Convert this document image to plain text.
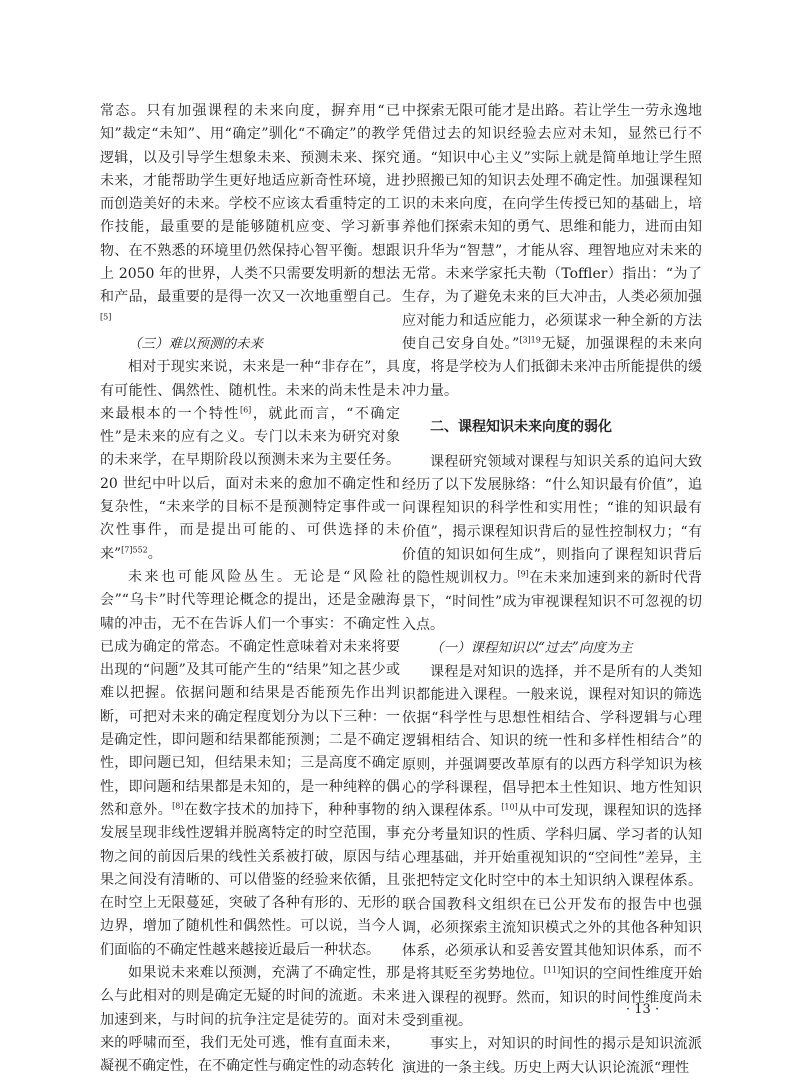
常态。只有加强课程的未来向度，摒弃用“已知”裁定“未知”、用“确定”驯化“不确定”的教学逻辑，以及引导学生想象未来、预测未来、探究未来，才能帮助学生更好地适应新奇性环境，进而创造美好的未来。学校不应该太看重特定的工作技能，最重要的是能够随机应变、学习新事物、在不熟悉的环境里仍然保持心智平衡。想跟上 2050 年的世界，人类不只需要发明新的想法和产品，最重要的是得一次又一次地重塑自己。[5]

（三）难以预测的未来

相对于现实来说，未来是一种“非存在”，具有可能性、偶然性、随机性。未来的尚未性是未来最根本的一个特性[6]，就此而言，“不确定性”是未来的应有之义。专门以未来为研究对象的未来学，在早期阶段以预测未来为主要任务。20 世纪中叶以后，面对未来的愈加不确定性和复杂性，“未来学的目标不是预测特定事件或一次性事件，而是提出可能的、可供选择的未来”$^{[7]552}$。

未来也可能风险丛生。无论是“风险社会”“乌卡”时代等理论概念的提出，还是金融海啸的冲击，无不在告诉人们一个事实：不确定性已成为确定的常态。不确定性意味着对未来将要出现的“问题”及其可能产生的“结果”知之甚少或难以把握。依据问题和结果是否能预先作出判断，可把对未来的确定程度划分为以下三种：一是确定性，即问题和结果都能预测；二是不确定性，即问题已知，但结果未知；三是高度不确定性，即问题和结果都是未知的，是一种纯粹的偶然和意外。[8]在数字技术的加持下，种种事物的发展呈现非线性逻辑并脱离特定的时空范围，事物之间的前因后果的线性关系被打破，原因与结果之间没有清晰的、可以借鉴的经验来依循，且在时空上无限蔓延，突破了各种有形的、无形的边界，增加了随机性和偶然性。可以说，当今人们面临的不确定性越来越接近最后一种状态。

如果说未来难以预测，充满了不确定性，那么与此相对的则是确定无疑的时间的流逝。未来加速到来，与时间的抗争注定是徒劳的。面对未来的呼啸而至，我们无处可逃，惟有直面未来，凝视不确定性，在不确定性与确定性的动态转化

中探索无限可能才是出路。若让学生一劳永逸地凭借过去的知识经验去应对未知，显然已行不通。“知识中心主义”实际上就是简单地让学生照抄照搬已知的知识去处理不确定性。加强课程知识的未来向度，在向学生传授已知的基础上，培养他们探索未知的勇气、思维和能力，进而由知识升华为“智慧”，才能从容、理智地应对未来的无常。未来学家托夫勒（Toffler）指出：“为了生存，为了避免未来的巨大冲击，人类必须加强应对能力和适应能力，必须谋求一种全新的方法使自己安身自处。”$^{[3]19}$无疑，加强课程的未来向度，将是学校为人们抵御未来冲击所能提供的缓冲力量。

二、课程知识未来向度的弱化

课程研究领域对课程与知识关系的追问大致经历了以下发展脉络：“什么知识最有价值”，追问课程知识的科学性和实用性；“谁的知识最有价值”，揭示课程知识背后的显性控制权力；“有价值的知识如何生成”，则指向了课程知识背后的隐性规训权力。[9]在未来加速到来的新时代背景下，“时间性”成为审视课程知识不可忽视的切入点。

（一）课程知识以“过去”向度为主

课程是对知识的选择，并不是所有的人类知识都能进入课程。一般来说，课程对知识的筛选依据“科学性与思想性相结合、学科逻辑与心理逻辑相结合、知识的统一性和多样性相结合”的原则，并强调要改革原有的以西方科学知识为核心的学科课程，倡导把本土性知识、地方性知识纳入课程体系。[10]从中可发现，课程知识的选择充分考量知识的性质、学科归属、学习者的认知心理基础，并开始重视知识的“空间性”差异，主张把特定文化时空中的本土知识纳入课程体系。联合国教科文组织在已公开发布的报告中也强调，必须探索主流知识模式之外的其他各种知识体系，必须承认和妥善安置其他知识体系，而不是将其贬至劣势地位。[11]知识的空间性维度开始进入课程的视野。然而，知识的时间性维度尚未受到重视。

事实上，对知识的时间性的揭示是知识流派演进的一条主线。历史上两大认识论流派“理性

· 13 ·
